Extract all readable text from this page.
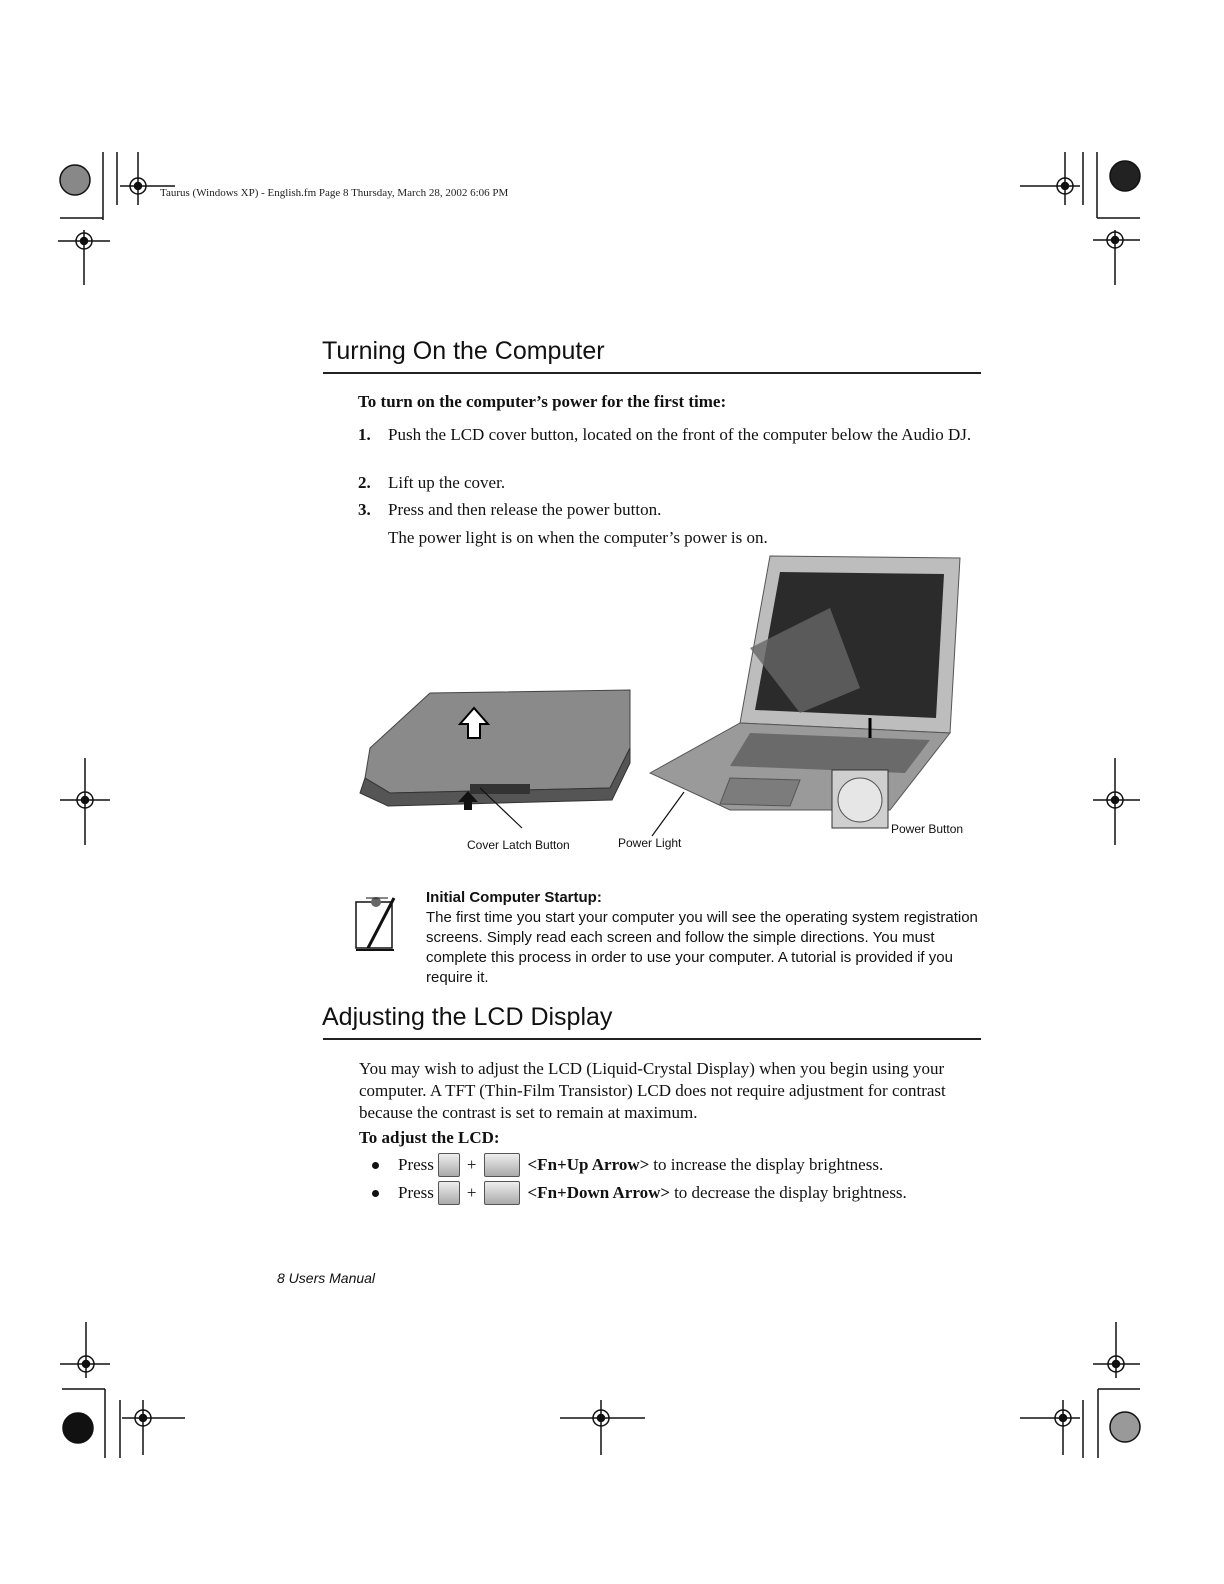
Taurus (Windows XP) - English.fm Page 8 Thursday, March 28, 2002 6:06 PM
Turning On the Computer
To turn on the computer’s power for the first time:
1. Push the LCD cover button, located on the front of the computer below the Audio DJ.
2. Lift up the cover.
3. Press and then release the power button.
The power light is on when the computer’s power is on.
Cover Latch Button	Power Light
Power Button
Initial Computer Startup:
The first time you start your computer you will see the operating system registration screens. Simply read each screen and follow the simple directions. You must complete this process in order to use your computer. A tutorial is provided if you require it.
Adjusting the LCD Display
You may wish to adjust the LCD (Liquid-Crystal Display) when you begin using your computer. A TFT (Thin-Film Transistor) LCD does not require adjustment for contrast because the contrast is set to remain at maximum.
To adjust the LCD:
Press +	<Fn+Up Arrow> to increase the display brightness.
Press +	<Fn+Down Arrow> to decrease the display brightness.
8 Users Manual
